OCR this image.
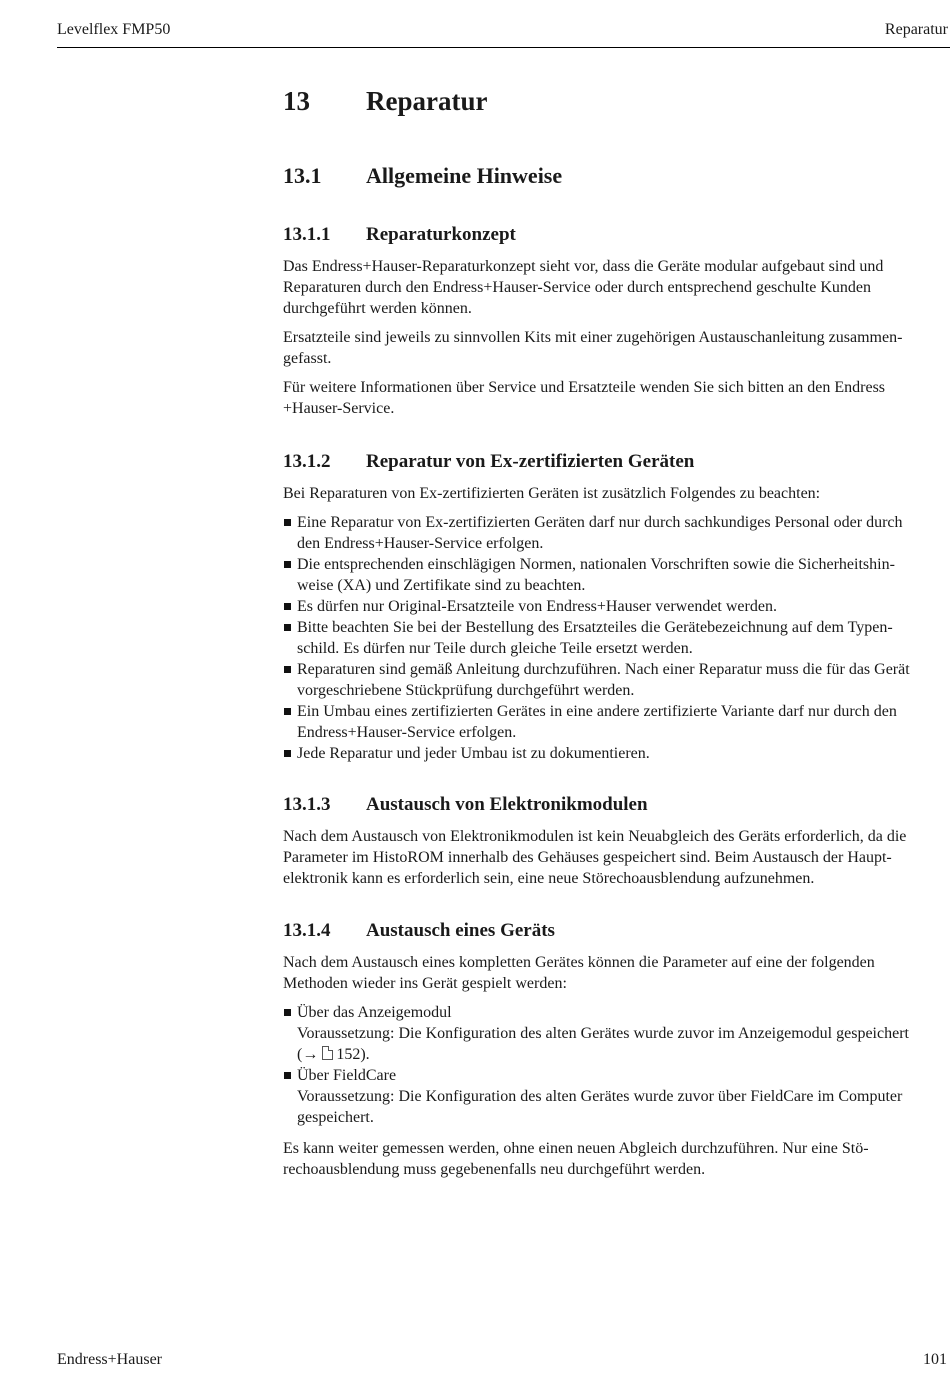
Levelflex FMP50	Reparatur
13 Reparatur
13.1 Allgemeine Hinweise
13.1.1 Reparaturkonzept
Das Endress+Hauser-Reparaturkonzept sieht vor, dass die Geräte modular aufgebaut sind und
Reparaturen durch den Endress+Hauser-Service oder durch entsprechend geschulte Kunden
durchgeführt werden können.
Ersatzteile sind jeweils zu sinnvollen Kits mit einer zugehörigen Austauschanleitung zusammen-
gefasst.
Für weitere Informationen über Service und Ersatzteile wenden Sie sich bitten an den Endress
+Hauser-Service.
13.1.2 Reparatur von Ex-zertifizierten Geräten
Bei Reparaturen von Ex-zertifizierten Geräten ist zusätzlich Folgendes zu beachten:
Eine Reparatur von Ex-zertifizierten Geräten darf nur durch sachkundiges Personal oder durch
den Endress+Hauser-Service erfolgen.
Die entsprechenden einschlägigen Normen, nationalen Vorschriften sowie die Sicherheitshin-
weise (XA) und Zertifikate sind zu beachten.
Es dürfen nur Original-Ersatzteile von Endress+Hauser verwendet werden.
Bitte beachten Sie bei der Bestellung des Ersatzteiles die Gerätebezeichnung auf dem Typen-
schild. Es dürfen nur Teile durch gleiche Teile ersetzt werden.
Reparaturen sind gemäß Anleitung durchzuführen. Nach einer Reparatur muss die für das Gerät
vorgeschriebene Stückprüfung durchgeführt werden.
Ein Umbau eines zertifizierten Gerätes in eine andere zertifizierte Variante darf nur durch den
Endress+Hauser-Service erfolgen.
Jede Reparatur und jeder Umbau ist zu dokumentieren.
13.1.3 Austausch von Elektronikmodulen
Nach dem Austausch von Elektronikmodulen ist kein Neuabgleich des Geräts erforderlich, da die
Parameter im HistoROM innerhalb des Gehäuses gespeichert sind. Beim Austausch der Haupt-
elektronik kann es erforderlich sein, eine neue Störechoausblendung aufzunehmen.
13.1.4 Austausch eines Geräts
Nach dem Austausch eines kompletten Gerätes können die Parameter auf eine der folgenden
Methoden wieder ins Gerät gespielt werden:
Über das Anzeigemodul
Voraussetzung: Die Konfiguration des alten Gerätes wurde zuvor im Anzeigemodul gespeichert
(→ 152).
Über FieldCare
Voraussetzung: Die Konfiguration des alten Gerätes wurde zuvor über FieldCare im Computer
gespeichert.
Es kann weiter gemessen werden, ohne einen neuen Abgleich durchzuführen. Nur eine Stö-
rechoausblendung muss gegebenenfalls neu durchgeführt werden.
Endress+Hauser	101
